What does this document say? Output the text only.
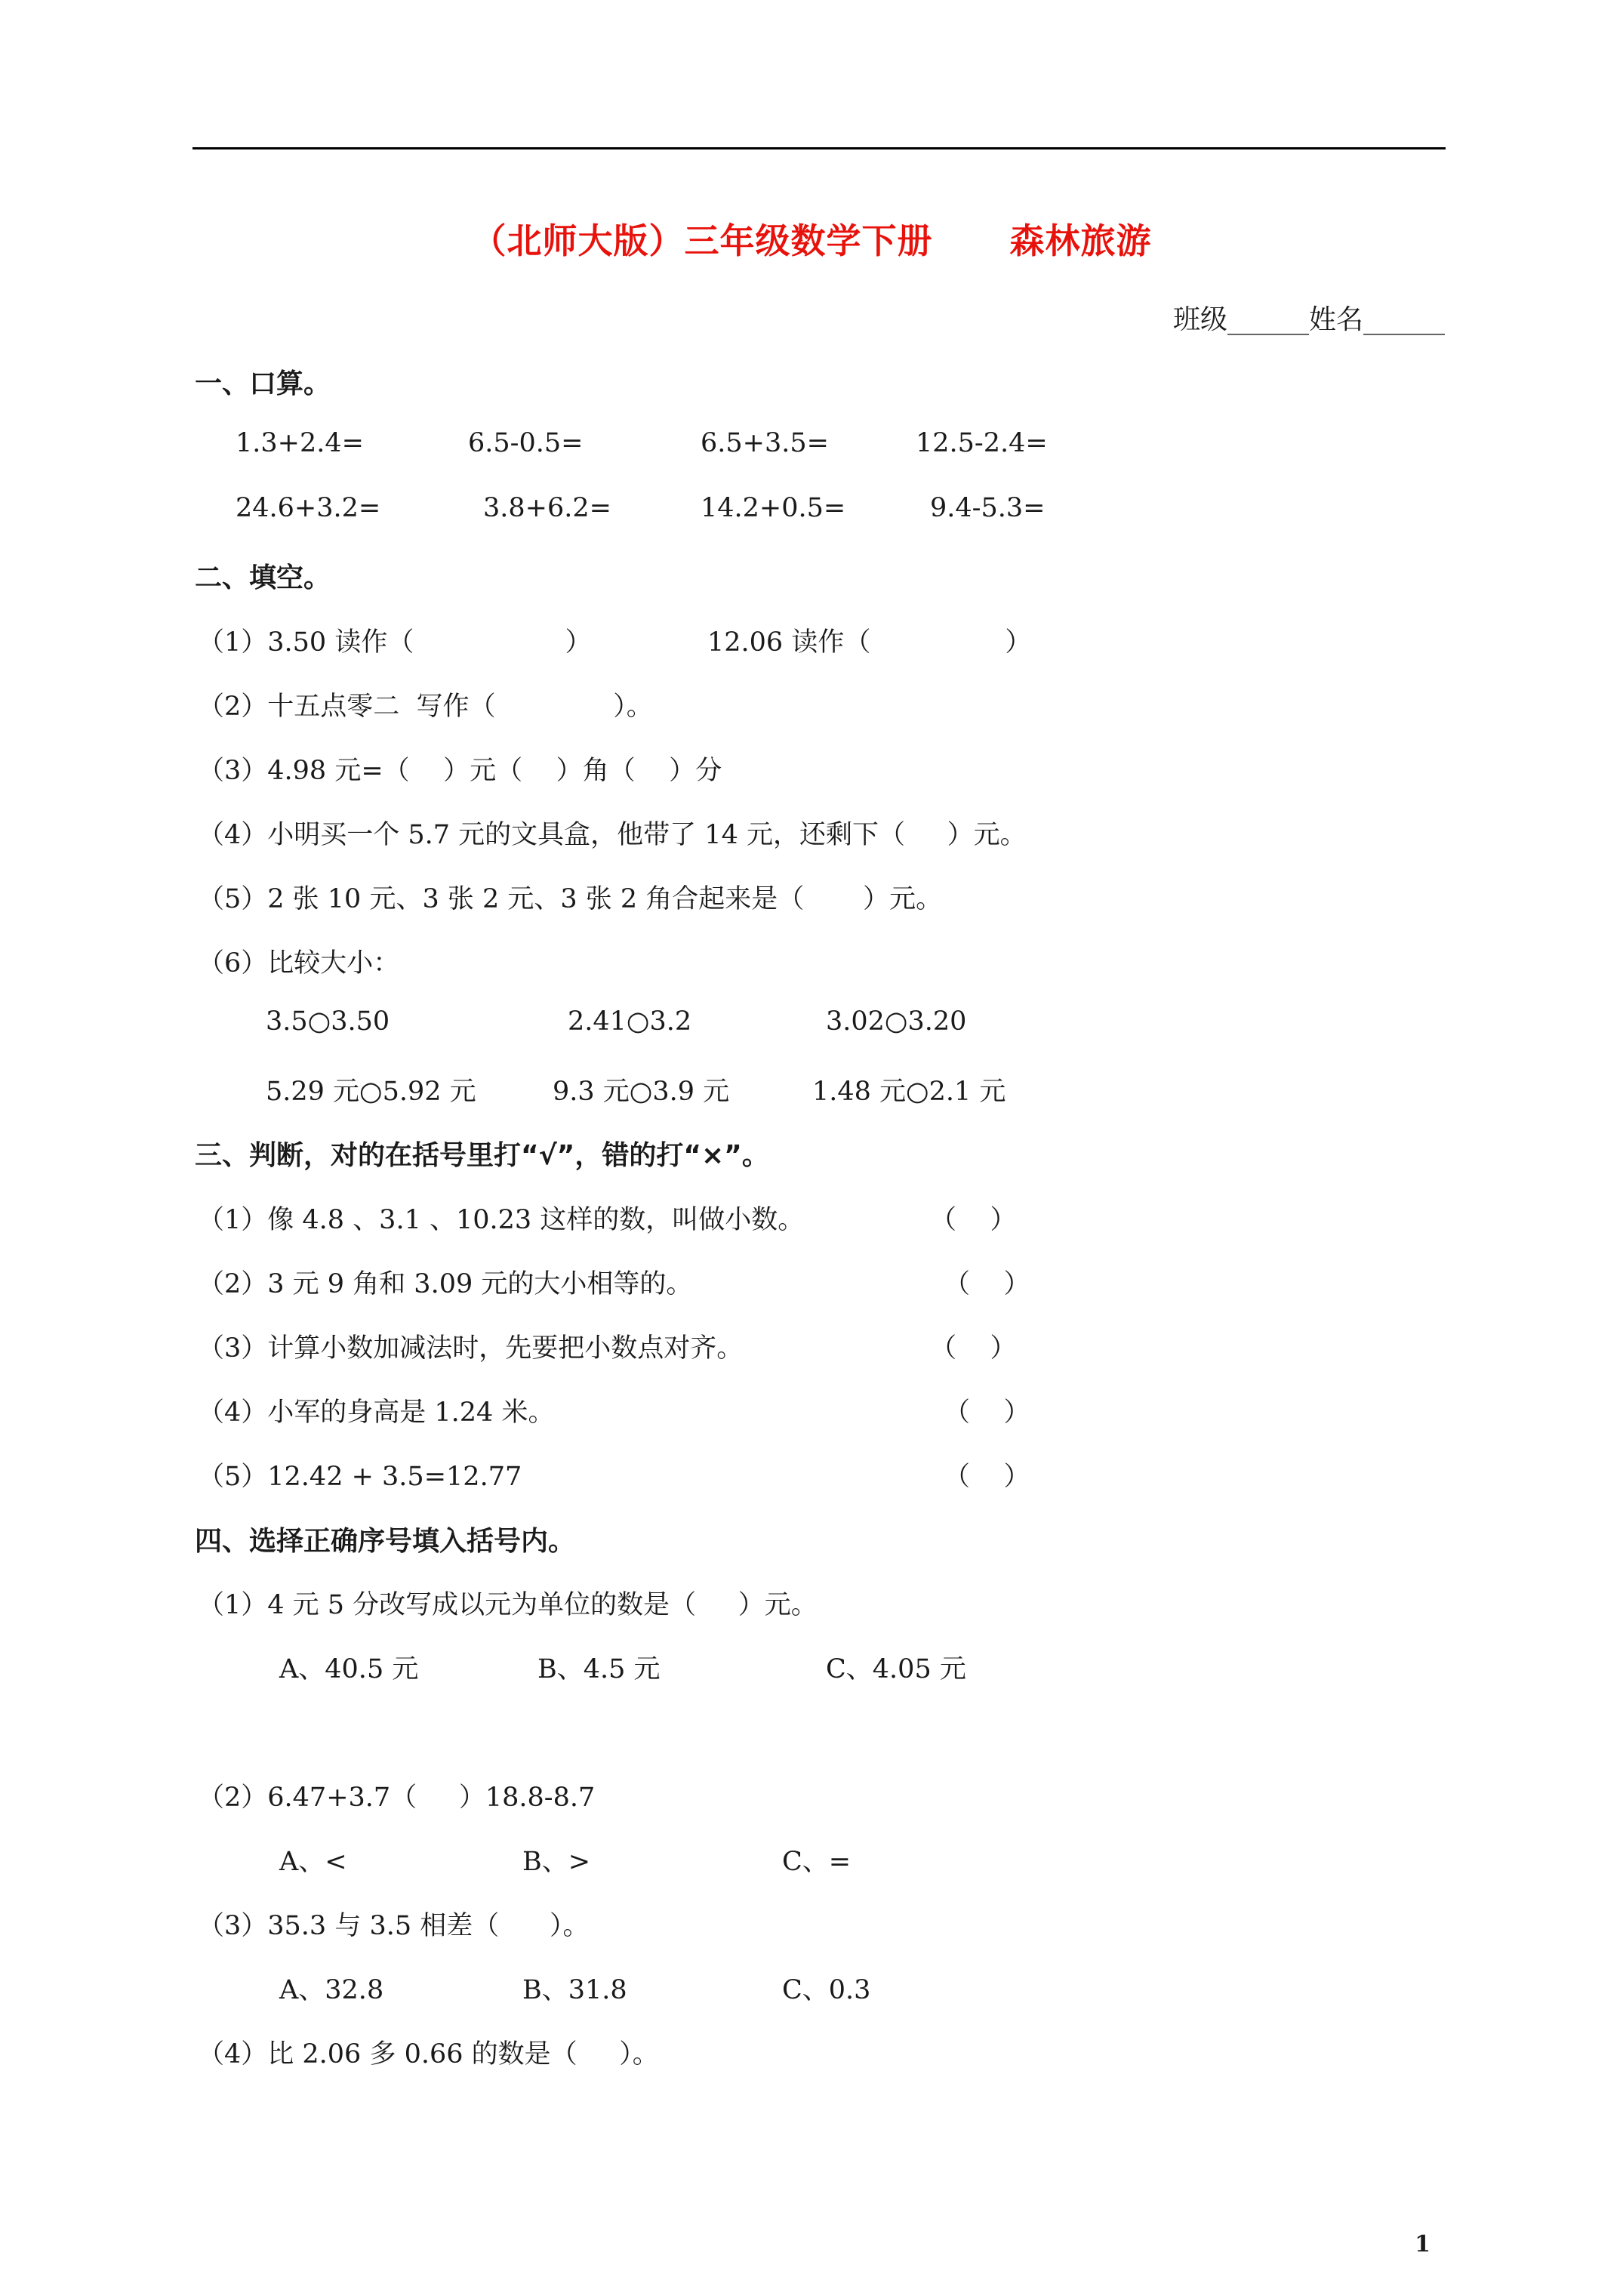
（北师大版）三年级数学下册      森林旅游
班级______姓名______
一、口算。
1.3+2.4=	6.5-0.5=	6.5+3.5=	12.5-2.4=
24.6+3.2=	3.8+6.2=	14.2+0.5=	9.4-5.3=
二、填空。
（1）3.50 读作（                  ）	12.06 读作（                ）
（2）十五点零二  写作（              ）。
（3）4.98 元=（    ）元（    ）角（    ）分
（4）小明买一个 5.7 元的文具盒，他带了 14 元，还剩下（     ）元。
（5）2 张 10 元、3 张 2 元、3 张 2 角合起来是（       ）元。
（6）比较大小：
3.5○3.50	2.41○3.2	3.02○3.20
5.29 元○5.92 元	9.3 元○3.9 元	1.48 元○2.1 元
三、判断，对的在括号里打“√”，错的打“×”。
（1）像 4.8 、3.1 、10.23 这样的数，叫做小数。	（    ）
（2）3 元 9 角和 3.09 元的大小相等的。	（    ）
（3）计算小数加减法时，先要把小数点对齐。	（    ）
（4）小军的身高是 1.24 米。	（    ）
（5）12.42 + 3.5=12.77	（    ）
四、选择正确序号填入括号内。
（1）4 元 5 分改写成以元为单位的数是（     ）元。
A、40.5 元	B、4.5 元	C、4.05 元
（2）6.47+3.7（     ）18.8-8.7
A、<	B、>	C、=
（3）35.3 与 3.5 相差（      ）。
A、32.8	B、31.8	C、0.3
（4）比 2.06 多 0.66 的数是（     ）。
1
